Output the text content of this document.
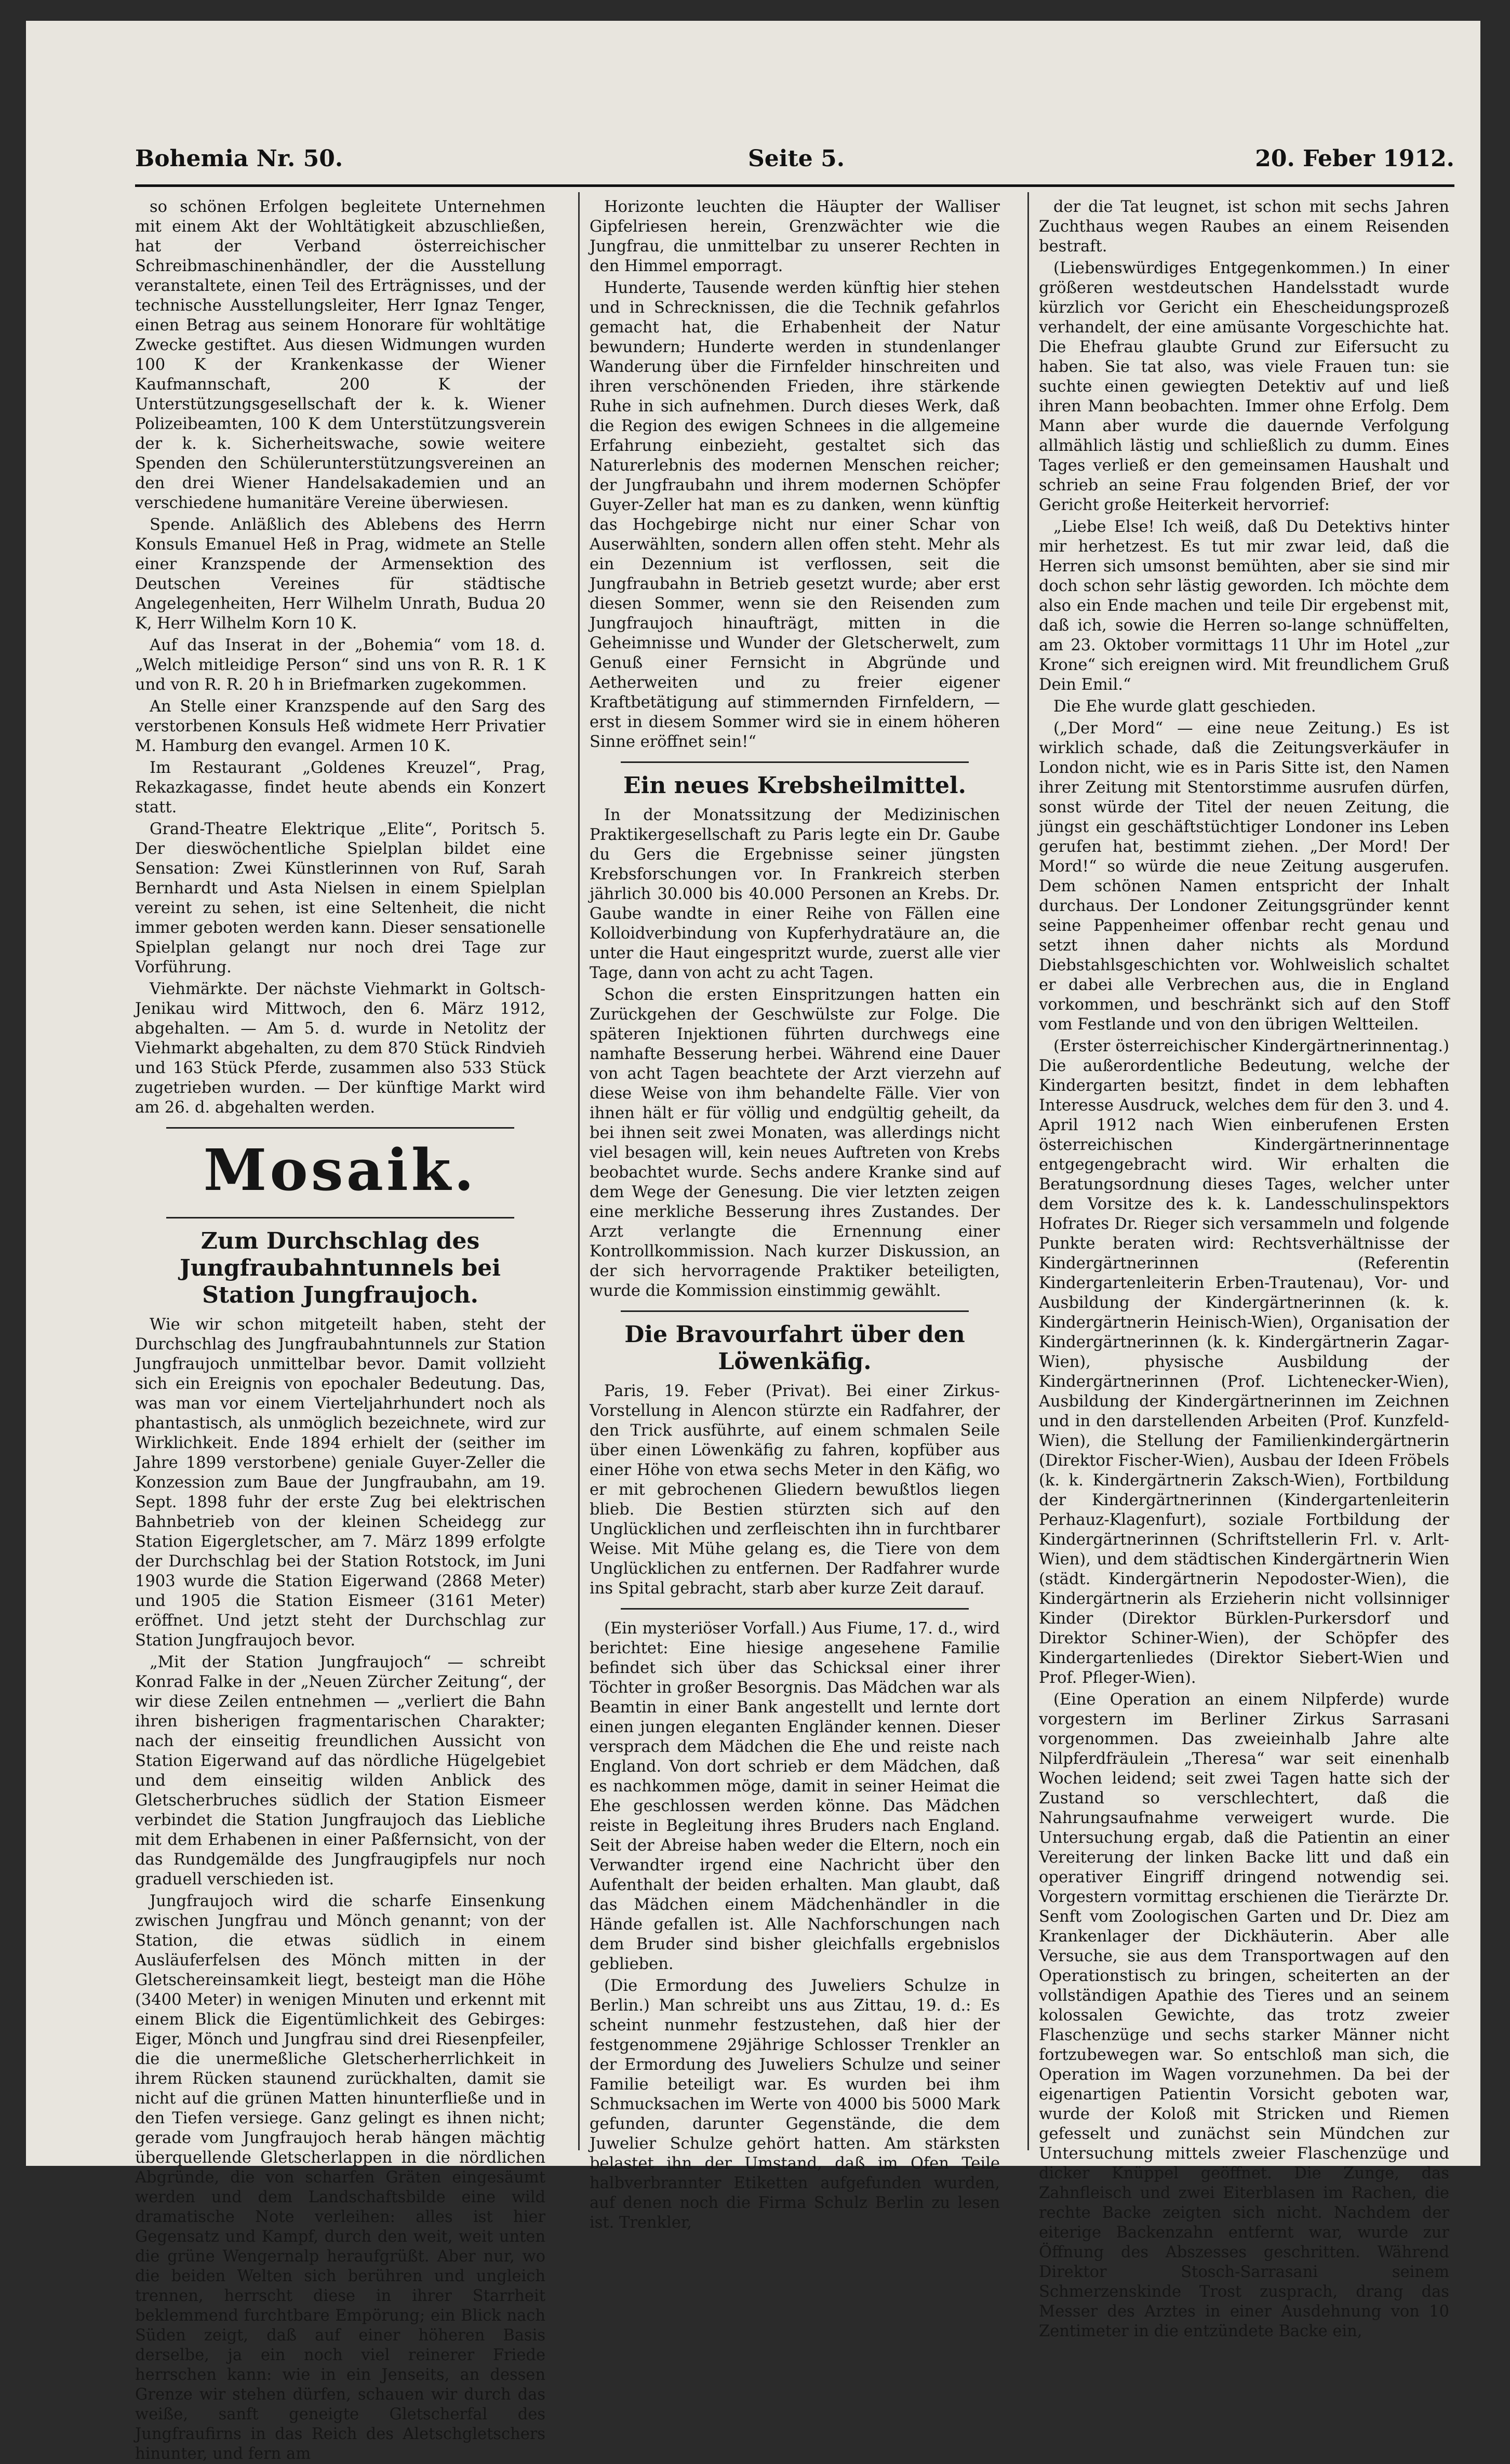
Bohemia Nr. 50.	Seite 5.	20. Feber 1912.

so schönen Erfolgen begleitete Unternehmen mit einem Akt der Wohltätigkeit abzuschließen, hat der Verband österreichischer Schreibmaschinenhändler, der die Ausstellung veranstaltete, einen Teil des Erträgnisses, und der technische Ausstellungsleiter, Herr Ignaz Tenger, einen Betrag aus seinem Honorare für wohltätige Zwecke gestiftet. Aus diesen Widmungen wurden 100 K der Krankenkasse der Wiener Kaufmannschaft, 200 K der Unterstützungsgesellschaft der k. k. Wiener Polizeibeamten, 100 K dem Unterstützungsverein der k. k. Sicherheitswache, sowie weitere Spenden den Schülerunterstützungsvereinen an den drei Wiener Handelsakademien und an verschiedene humanitäre Vereine überwiesen.

Spende. Anläßlich des Ablebens des Herrn Konsuls Emanuel Heß in Prag, widmete an Stelle einer Kranzspende der Armensektion des Deutschen Vereines für städtische Angelegenheiten, Herr Wilhelm Unrath, Budua 20 K, Herr Wilhelm Korn 10 K.

Auf das Inserat in der „Bohemia“ vom 18. d. „Welch mitleidige Person“ sind uns von R. R. 1 K und von R. R. 20 h in Briefmarken zugekommen.

An Stelle einer Kranzspende auf den Sarg des verstorbenen Konsuls Heß widmete Herr Privatier M. Hamburg den evangel. Armen 10 K.

Im Restaurant „Goldenes Kreuzel“, Prag, Rekazkagasse, findet heute abends ein Konzert statt.

Grand-Theatre Elektrique „Elite“, Poritsch 5. Der dieswöchentliche Spielplan bildet eine Sensation: Zwei Künstlerinnen von Ruf, Sarah Bernhardt und Asta Nielsen in einem Spielplan vereint zu sehen, ist eine Seltenheit, die nicht immer geboten werden kann. Dieser sensationelle Spielplan gelangt nur noch drei Tage zur Vorführung.

Viehmärkte. Der nächste Viehmarkt in Goltsch-Jenikau wird Mittwoch, den 6. März 1912, abgehalten. — Am 5. d. wurde in Netolitz der Viehmarkt abgehalten, zu dem 870 Stück Rindvieh und 163 Stück Pferde, zusammen also 533 Stück zugetrieben wurden. — Der künftige Markt wird am 26. d. abgehalten werden.

Mosaik.
Zum Durchschlag des Jungfraubahntunnels bei Station Jungfraujoch.

Wie wir schon mitgeteilt haben, steht der Durchschlag des Jungfraubahntunnels zur Station Jungfraujoch unmittelbar bevor. Damit vollzieht sich ein Ereignis von epochaler Bedeutung. Das, was man vor einem Vierteljahrhundert noch als phantastisch, als unmöglich bezeichnete, wird zur Wirklichkeit. Ende 1894 erhielt der (seither im Jahre 1899 verstorbene) geniale Guyer-Zeller die Konzession zum Baue der Jungfraubahn, am 19. Sept. 1898 fuhr der erste Zug bei elektrischen Bahnbetrieb von der kleinen Scheidegg zur Station Eigergletscher, am 7. März 1899 erfolgte der Durchschlag bei der Station Rotstock, im Juni 1903 wurde die Station Eigerwand (2868 Meter) und 1905 die Station Eismeer (3161 Meter) eröffnet. Und jetzt steht der Durchschlag zur Station Jungfraujoch bevor.

„Mit der Station Jungfraujoch“ — schreibt Konrad Falke in der „Neuen Zürcher Zeitung“, der wir diese Zeilen entnehmen — „verliert die Bahn ihren bisherigen fragmentarischen Charakter; nach der einseitig freundlichen Aussicht von Station Eigerwand auf das nördliche Hügelgebiet und dem einseitig wilden Anblick des Gletscherbruches südlich der Station Eismeer verbindet die Station Jungfraujoch das Liebliche mit dem Erhabenen in einer Paßfernsicht, von der das Rundgemälde des Jungfraugipfels nur noch graduell verschieden ist.

Jungfraujoch wird die scharfe Einsenkung zwischen Jungfrau und Mönch genannt; von der Station, die etwas südlich in einem Ausläuferfelsen des Mönch mitten in der Gletschereinsamkeit liegt, besteigt man die Höhe (3400 Meter) in wenigen Minuten und erkennt mit einem Blick die Eigentümlichkeit des Gebirges: Eiger, Mönch und Jungfrau sind drei Riesenpfeiler, die die unermeßliche Gletscherherrlichkeit in ihrem Rücken staunend zurückhalten, damit sie nicht auf die grünen Matten hinunterfließe und in den Tiefen versiege. Ganz gelingt es ihnen nicht; gerade vom Jungfraujoch herab hängen mächtig überquellende Gletscherlappen in die nördlichen Abgründe, die von scharfen Gräten eingesäumt werden und dem Landschaftsbilde eine wild dramatische Note verleihen: alles ist hier Gegensatz und Kampf, durch den weit, weit unten die grüne Wengernalp heraufgrüßt. Aber nur, wo die beiden Welten sich berühren und ungleich trennen, herrscht diese in ihrer Starrheit beklemmend furchtbare Empörung; ein Blick nach Süden zeigt, daß auf einer höheren Basis derselbe, ja ein noch viel reinerer Friede herrschen kann: wie in ein Jenseits, an dessen Grenze wir stehen dürfen, schauen wir durch das weiße, sanft geneigte Gletscherfal des Jungfraufirns in das Reich des Aletschgletschers hinunter, und fern am

Horizonte leuchten die Häupter der Walliser Gipfelriesen herein, Grenzwächter wie die Jungfrau, die unmittelbar zu unserer Rechten in den Himmel emporragt.

Hunderte, Tausende werden künftig hier stehen und in Schrecknissen, die die Technik gefahrlos gemacht hat, die Erhabenheit der Natur bewundern; Hunderte werden in stundenlanger Wanderung über die Firnfelder hinschreiten und ihren verschönenden Frieden, ihre stärkende Ruhe in sich aufnehmen. Durch dieses Werk, daß die Region des ewigen Schnees in die allgemeine Erfahrung einbezieht, gestaltet sich das Naturerlebnis des modernen Menschen reicher; der Jungfraubahn und ihrem modernen Schöpfer Guyer-Zeller hat man es zu danken, wenn künftig das Hochgebirge nicht nur einer Schar von Auserwählten, sondern allen offen steht. Mehr als ein Dezennium ist verflossen, seit die Jungfraubahn in Betrieb gesetzt wurde; aber erst diesen Sommer, wenn sie den Reisenden zum Jungfraujoch hinaufträgt, mitten in die Geheimnisse und Wunder der Gletscherwelt, zum Genuß einer Fernsicht in Abgründe und Aetherweiten und zu freier eigener Kraftbetätigung auf stimmernden Firnfeldern, — erst in diesem Sommer wird sie in einem höheren Sinne eröffnet sein!“

Ein neues Krebsheilmittel.

In der Monatssitzung der Medizinischen Praktikergesellschaft zu Paris legte ein Dr. Gaube du Gers die Ergebnisse seiner jüngsten Krebsforschungen vor. In Frankreich sterben jährlich 30.000 bis 40.000 Personen an Krebs. Dr. Gaube wandte in einer Reihe von Fällen eine Kolloidverbindung von Kupferhydratäure an, die unter die Haut eingespritzt wurde, zuerst alle vier Tage, dann von acht zu acht Tagen.

Schon die ersten Einspritzungen hatten ein Zurückgehen der Geschwülste zur Folge. Die späteren Injektionen führten durchwegs eine namhafte Besserung herbei. Während eine Dauer von acht Tagen beachtete der Arzt vierzehn auf diese Weise von ihm behandelte Fälle. Vier von ihnen hält er für völlig und endgültig geheilt, da bei ihnen seit zwei Monaten, was allerdings nicht viel besagen will, kein neues Auftreten von Krebs beobachtet wurde. Sechs andere Kranke sind auf dem Wege der Genesung. Die vier letzten zeigen eine merkliche Besserung ihres Zustandes. Der Arzt verlangte die Ernennung einer Kontrollkommission. Nach kurzer Diskussion, an der sich hervorragende Praktiker beteiligten, wurde die Kommission einstimmig gewählt.

Die Bravourfahrt über den Löwenkäfig.

Paris, 19. Feber (Privat). Bei einer Zirkus-Vorstellung in Alencon stürzte ein Radfahrer, der den Trick ausführte, auf einem schmalen Seile über einen Löwenkäfig zu fahren, kopfüber aus einer Höhe von etwa sechs Meter in den Käfig, wo er mit gebrochenen Gliedern bewußtlos liegen blieb. Die Bestien stürzten sich auf den Unglücklichen und zerfleischten ihn in furchtbarer Weise. Mit Mühe gelang es, die Tiere von dem Unglücklichen zu entfernen. Der Radfahrer wurde ins Spital gebracht, starb aber kurze Zeit darauf.

(Ein mysteriöser Vorfall.) Aus Fiume, 17. d., wird berichtet: Eine hiesige angesehene Familie befindet sich über das Schicksal einer ihrer Töchter in großer Besorgnis. Das Mädchen war als Beamtin in einer Bank angestellt und lernte dort einen jungen eleganten Engländer kennen. Dieser versprach dem Mädchen die Ehe und reiste nach England. Von dort schrieb er dem Mädchen, daß es nachkommen möge, damit in seiner Heimat die Ehe geschlossen werden könne. Das Mädchen reiste in Begleitung ihres Bruders nach England. Seit der Abreise haben weder die Eltern, noch ein Verwandter irgend eine Nachricht über den Aufenthalt der beiden erhalten. Man glaubt, daß das Mädchen einem Mädchenhändler in die Hände gefallen ist. Alle Nachforschungen nach dem Bruder sind bisher gleichfalls ergebnislos geblieben.

(Die Ermordung des Juweliers Schulze in Berlin.) Man schreibt uns aus Zittau, 19. d.: Es scheint nunmehr festzustehen, daß hier der festgenommene 29jährige Schlosser Trenkler an der Ermordung des Juweliers Schulze und seiner Familie beteiligt war. Es wurden bei ihm Schmucksachen im Werte von 4000 bis 5000 Mark gefunden, darunter Gegenstände, die dem Juwelier Schulze gehört hatten. Am stärksten belastet ihn der Umstand, daß im Ofen Teile halbverbrannter Etiketten aufgefunden wurden, auf denen noch die Firma Schulz Berlin zu lesen ist. Trenkler,

der die Tat leugnet, ist schon mit sechs Jahren Zuchthaus wegen Raubes an einem Reisenden bestraft.

(Liebenswürdiges Entgegenkommen.) In einer größeren westdeutschen Handelsstadt wurde kürzlich vor Gericht ein Ehescheidungsprozeß verhandelt, der eine amüsante Vorgeschichte hat. Die Ehefrau glaubte Grund zur Eifersucht zu haben. Sie tat also, was viele Frauen tun: sie suchte einen gewiegten Detektiv auf und ließ ihren Mann beobachten. Immer ohne Erfolg. Dem Mann aber wurde die dauernde Verfolgung allmählich lästig und schließlich zu dumm. Eines Tages verließ er den gemeinsamen Haushalt und schrieb an seine Frau folgenden Brief, der vor Gericht große Heiterkeit hervorrief:

„Liebe Else! Ich weiß, daß Du Detektivs hinter mir herhetzest. Es tut mir zwar leid, daß die Herren sich umsonst bemühten, aber sie sind mir doch schon sehr lästig geworden. Ich möchte dem also ein Ende machen und teile Dir ergebenst mit, daß ich, sowie die Herren so-lange schnüffelten, am 23. Oktober vormittags 11 Uhr im Hotel „zur Krone“ sich ereignen wird. Mit freundlichem Gruß Dein Emil.“

Die Ehe wurde glatt geschieden.

(„Der Mord“ — eine neue Zeitung.) Es ist wirklich schade, daß die Zeitungsverkäufer in London nicht, wie es in Paris Sitte ist, den Namen ihrer Zeitung mit Stentorstimme ausrufen dürfen, sonst würde der Titel der neuen Zeitung, die jüngst ein geschäftstüchtiger Londoner ins Leben gerufen hat, bestimmt ziehen. „Der Mord! Der Mord!“ so würde die neue Zeitung ausgerufen. Dem schönen Namen entspricht der Inhalt durchaus. Der Londoner Zeitungsgründer kennt seine Pappenheimer offenbar recht genau und setzt ihnen daher nichts als Mordund Diebstahlsgeschichten vor. Wohlweislich schaltet er dabei alle Verbrechen aus, die in England vorkommen, und beschränkt sich auf den Stoff vom Festlande und von den übrigen Weltteilen.

(Erster österreichischer Kindergärtnerinnentag.) Die außerordentliche Bedeutung, welche der Kindergarten besitzt, findet in dem lebhaften Interesse Ausdruck, welches dem für den 3. und 4. April 1912 nach Wien einberufenen Ersten österreichischen Kindergärtnerinnentage entgegengebracht wird. Wir erhalten die Beratungsordnung dieses Tages, welcher unter dem Vorsitze des k. k. Landesschulinspektors Hofrates Dr. Rieger sich versammeln und folgende Punkte beraten wird: Rechtsverhältnisse der Kindergärtnerinnen (Referentin Kindergartenleiterin Erben-Trautenau), Vor- und Ausbildung der Kindergärtnerinnen (k. k. Kindergärtnerin Heinisch-Wien), Organisation der Kindergärtnerinnen (k. k. Kindergärtnerin Zagar-Wien), physische Ausbildung der Kindergärtnerinnen (Prof. Lichtenecker-Wien), Ausbildung der Kindergärtnerinnen im Zeichnen und in den darstellenden Arbeiten (Prof. Kunzfeld-Wien), die Stellung der Familienkindergärtnerin (Direktor Fischer-Wien), Ausbau der Ideen Fröbels (k. k. Kindergärtnerin Zaksch-Wien), Fortbildung der Kindergärtnerinnen (Kindergartenleiterin Perhauz-Klagenfurt), soziale Fortbildung der Kindergärtnerinnen (Schriftstellerin Frl. v. Arlt-Wien), und dem städtischen Kindergärtnerin Wien (städt. Kindergärtnerin Nepodoster-Wien), die Kindergärtnerin als Erzieherin nicht vollsinniger Kinder (Direktor Bürklen-Purkersdorf und Direktor Schiner-Wien), der Schöpfer des Kindergartenliedes (Direktor Siebert-Wien und Prof. Pfleger-Wien).

(Eine Operation an einem Nilpferde) wurde vorgestern im Berliner Zirkus Sarrasani vorgenommen. Das zweieinhalb Jahre alte Nilpferdfräulein „Theresa“ war seit einenhalb Wochen leidend; seit zwei Tagen hatte sich der Zustand so verschlechtert, daß die Nahrungsaufnahme verweigert wurde. Die Untersuchung ergab, daß die Patientin an einer Vereiterung der linken Backe litt und daß ein operativer Eingriff dringend notwendig sei. Vorgestern vormittag erschienen die Tierärzte Dr. Senft vom Zoologischen Garten und Dr. Diez am Krankenlager der Dickhäuterin. Aber alle Versuche, sie aus dem Transportwagen auf den Operationstisch zu bringen, scheiterten an der vollständigen Apathie des Tieres und an seinem kolossalen Gewichte, das trotz zweier Flaschenzüge und sechs starker Männer nicht fortzubewegen war. So entschloß man sich, die Operation im Wagen vorzunehmen. Da bei der eigenartigen Patientin Vorsicht geboten war, wurde der Koloß mit Stricken und Riemen gefesselt und zunächst sein Mündchen zur Untersuchung mittels zweier Flaschenzüge und dicker Knüppel geöffnet. Die Zunge, das Zahnfleisch und zwei Eiterblasen im Rachen, die rechte Backe zeigten sich nicht. Nachdem der eiterige Backenzahn entfernt war, wurde zur Öffnung des Abszesses geschritten. Während Direktor Stosch-Sarrasani seinem Schmerzenskinde Trost zusprach, drang das Messer des Arztes in einer Ausdehnung von 10 Zentimeter in die entzündete Backe ein,
